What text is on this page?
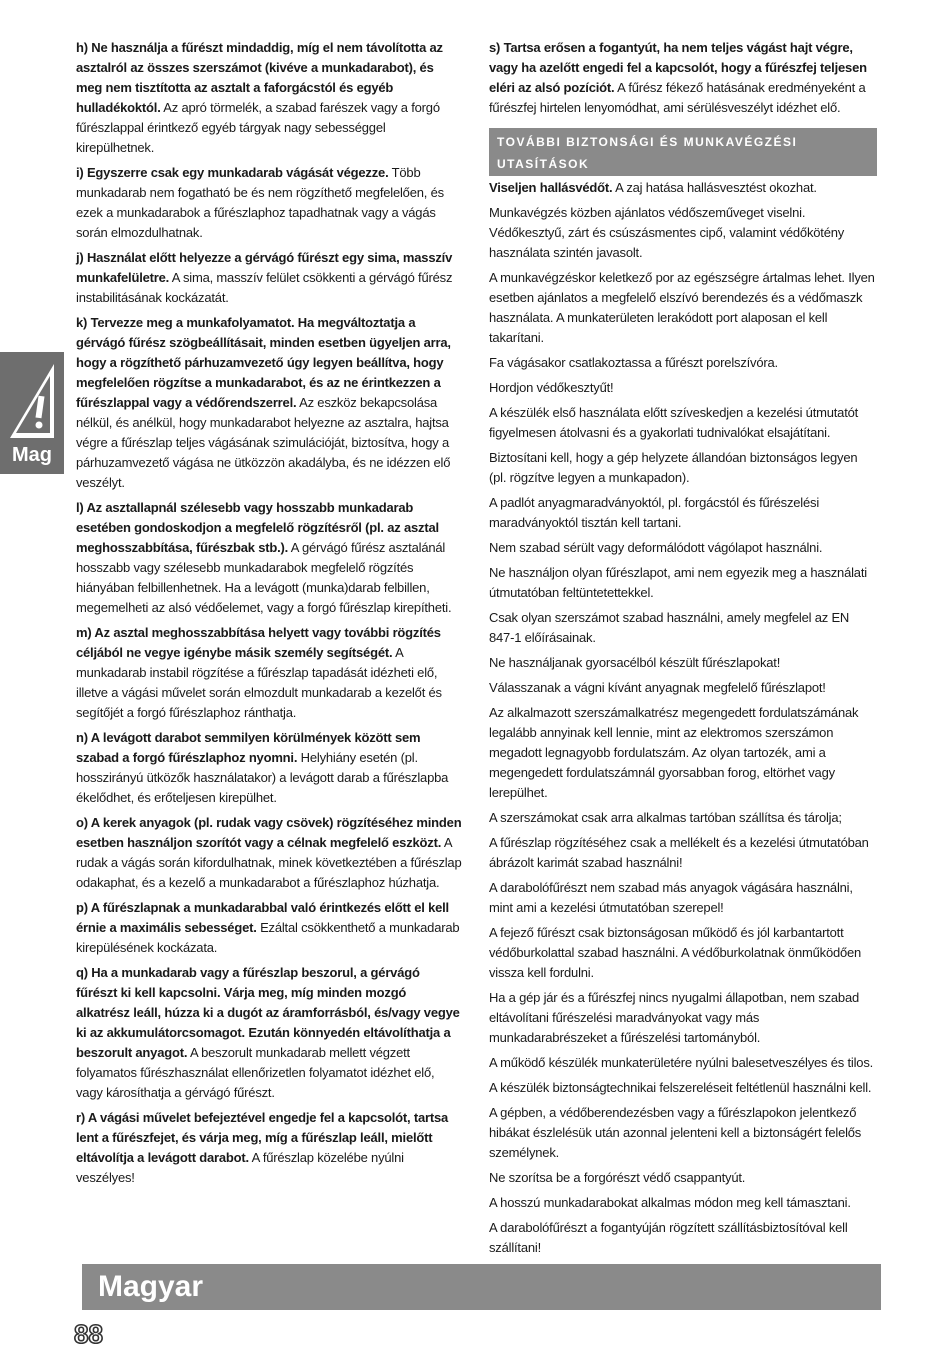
Mag

h) Ne használja a fűrészt mindaddig, míg el nem távolította az asztalról az összes szerszámot (kivéve a munkadarabot), és meg nem tisztította az asztalt a faforgácstól és egyéb hulladékoktól. Az apró törmelék, a szabad farészek vagy a forgó fűrészlappal érintkező egyéb tárgyak nagy sebességgel kirepülhetnek.

i) Egyszerre csak egy munkadarab vágását végezze. Több munkadarab nem fogatható be és nem rögzíthető megfelelően, és ezek a munkadarabok a fűrészlaphoz tapadhatnak vagy a vágás során elmozdulhatnak.

j) Használat előtt helyezze a gérvágó fűrészt egy sima, masszív munkafelületre. A sima, masszív felület csökkenti a gérvágó fűrész instabilitásának kockázatát.

k) Tervezze meg a munkafolyamatot. Ha megváltoztatja a gérvágó fűrész szögbeállításait, minden esetben ügyeljen arra, hogy a rögzíthető párhuzamvezető úgy legyen beállítva, hogy megfelelően rögzítse a munkadarabot, és az ne érintkezzen a fűrészlappal vagy a védőrendszerrel. Az eszköz bekapcsolása nélkül, és anélkül, hogy munkadarabot helyezne az asztalra, hajtsa végre a fűrészlap teljes vágásának szimulációját, biztosítva, hogy a párhuzamvezető vágása ne ütközzön akadályba, és ne idézzen elő veszélyt.

l) Az asztallapnál szélesebb vagy hosszabb munkadarab esetében gondoskodjon a megfelelő rögzítésről (pl. az asztal meghosszabbítása, fűrészbak stb.). A gérvágó fűrész asztalánál hosszabb vagy szélesebb munkadarabok megfelelő rögzítés hiányában felbillenhetnek. Ha a levágott (munka)darab felbillen, megemelheti az alsó védőelemet, vagy a forgó fűrészlap kirepítheti.

m) Az asztal meghosszabbítása helyett vagy további rögzítés céljából ne vegye igénybe másik személy segítségét. A munkadarab instabil rögzítése a fűrészlap tapadását idézheti elő, illetve a vágási művelet során elmozdult munkadarab a kezelőt és segítőjét a forgó fűrészlaphoz ránthatja.

n) A levágott darabot semmilyen körülmények között sem szabad a forgó fűrészlaphoz nyomni. Helyhiány esetén (pl. hosszirányú ütközők használatakor) a levágott darab a fűrészlapba ékelődhet, és erőteljesen kirepülhet.

o) A kerek anyagok (pl. rudak vagy csövek) rögzítéséhez minden esetben használjon szorítót vagy a célnak megfelelő eszközt. A rudak a vágás során kifordulhatnak, minek következtében a fűrészlap odakaphat, és a kezelő a munkadarabot a fűrészlaphoz húzhatja.

p) A fűrészlapnak a munkadarabbal való érintkezés előtt el kell érnie a maximális sebességet. Ezáltal csökkenthető a munkadarab kirepülésének kockázata.

q) Ha a munkadarab vagy a fűrészlap beszorul, a gérvágó fűrészt ki kell kapcsolni. Várja meg, míg minden mozgó alkatrész leáll, húzza ki a dugót az áramforrásból, és/vagy vegye ki az akkumulátorcsomagot. Ezután könnyedén eltávolíthatja a beszorult anyagot. A beszorult munkadarab mellett végzett folyamatos fűrészhasználat ellenőrizetlen folyamatot idézhet elő, vagy károsíthatja a gérvágó fűrészt.

r) A vágási művelet befejeztével engedje fel a kapcsolót, tartsa lent a fűrészfejet, és várja meg, míg a fűrészlap leáll, mielőtt eltávolítja a levágott darabot. A fűrészlap közelébe nyúlni veszélyes!

s) Tartsa erősen a fogantyút, ha nem teljes vágást hajt végre, vagy ha azelőtt engedi fel a kapcsolót, hogy a fűrészfej teljesen eléri az alsó pozíciót. A fűrész fékező hatásának eredményeként a fűrészfej hirtelen lenyomódhat, ami sérülésveszélyt idézhet elő.

TOVÁBBI BIZTONSÁGI ÉS MUNKAVÉGZÉSI UTASÍTÁSOK

Viseljen hallásvédőt. A zaj hatása hallásvesztést okozhat.

Munkavégzés közben ajánlatos védőszeműveget viselni. Védőkesztyű, zárt és csúszásmentes cipő, valamint védőkötény használata szintén javasolt.

A munkavégzéskor keletkező por az egészségre ártalmas lehet. Ilyen esetben ajánlatos a megfelelő elszívó berendezés és a védőmaszk használata. A munkaterületen lerakódott port alaposan el kell takarítani.

Fa vágásakor csatlakoztassa a fűrészt porelszívóra.

Hordjon védőkesztyűt!

A készülék első használata előtt szíveskedjen a kezelési útmutatót figyelmesen átolvasni és a gyakorlati tudnivalókat elsajátítani.

Biztosítani kell, hogy a gép helyzete állandóan biztonságos legyen (pl. rögzítve legyen a munkapadon).

A padlót anyagmaradványoktól, pl. forgácstól és fűrészelési maradványoktól tisztán kell tartani.

Nem szabad sérült vagy deformálódott vágólapot használni.

Ne használjon olyan fűrészlapot, ami nem egyezik meg a használati útmutatóban feltüntetettekkel.

Csak olyan szerszámot szabad használni, amely megfelel az EN 847-1 előírásainak.

Ne használjanak gyorsacélból készült fűrészlapokat!

Válasszanak a vágni kívánt anyagnak megfelelő fűrészlapot!

Az alkalmazott szerszámalkatrész megengedett fordulatszámának legalább annyinak kell lennie, mint az elektromos szerszámon megadott legnagyobb fordulatszám. Az olyan tartozék, ami a megengedett fordulatszámnál gyorsabban forog, eltörhet vagy lerepülhet.

A szerszámokat csak arra alkalmas tartóban szállítsa és tárolja;

A fűrészlap rögzítéséhez csak a mellékelt és a kezelési útmutatóban ábrázolt karimát szabad használni!

A darabolófűrészt nem szabad más anyagok vágására használni, mint ami a kezelési útmutatóban szerepel!

A fejező fűrészt csak biztonságosan működő és jól karbantartott védőburkolattal szabad használni. A védőburkolatnak önműködően vissza kell fordulni.

Ha a gép jár és a fűrészfej nincs nyugalmi állapotban, nem szabad eltávolítani fűrészelési maradványokat vagy más munkadarabrészeket a fűrészelési tartományból.

A működő készülék munkaterületére nyúlni balesetveszélyes és tilos.

A készülék biztonságtechnikai felszereléseit feltétlenül használni kell.

A gépben, a védőberendezésben vagy a fűrészlapokon jelentkező hibákat észlelésük után azonnal jelenteni kell a biztonságért felelős személynek.

Ne szorítsa be a forgórészt védő csappantyút.

A hosszú munkadarabokat alkalmas módon meg kell támasztani.

A darabolófűrészt a fogantyúján rögzített szállításbiztosítóval kell szállítani!

Magyar
88
